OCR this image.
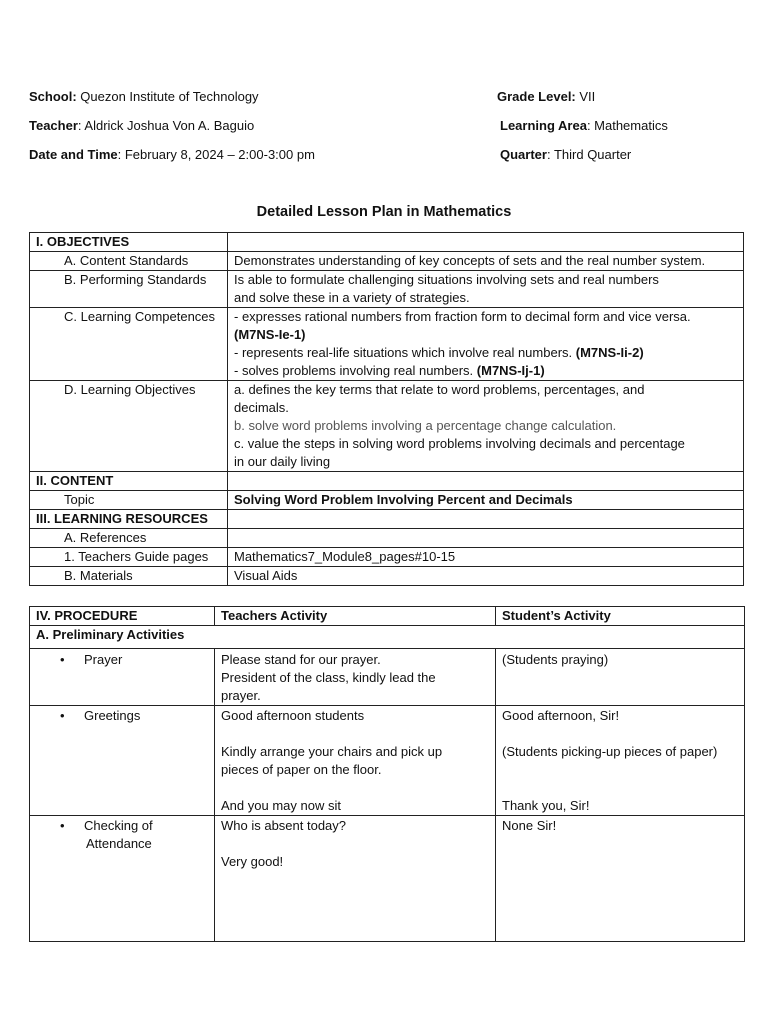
School: Quezon Institute of Technology	Grade Level: VII
Teacher: Aldrick Joshua Von A. Baguio	Learning Area: Mathematics
Date and Time: February 8, 2024 – 2:00-3:00 pm	Quarter: Third Quarter
Detailed Lesson Plan in Mathematics
I. OBJECTIVES	
A. Content Standards	Demonstrates understanding of key concepts of sets and the real number system.
B. Performing Standards	Is able to formulate challenging situations involving sets and real numbers
and solve these in a variety of strategies.

C. Learning Competences	- expresses rational numbers from fraction form to decimal form and vice versa.
(M7NS-Ie-1)
- represents real-life situations which involve real numbers. (M7NS-Ii-2)
- solves problems involving real numbers. (M7NS-Ij-1)

D. Learning Objectives	a. defines the key terms that relate to word problems, percentages, and
decimals.
b. solve word problems involving a percentage change calculation.
c. value the steps in solving word problems involving decimals and percentage
in our daily living

II. CONTENT	
Topic	Solving Word Problem Involving Percent and Decimals
III. LEARNING RESOURCES	
A. References	
1. Teachers Guide pages	Mathematics7_Module8_pages#10-15
B. Materials	Visual Aids
IV. PROCEDURE	Teachers Activity	Student’s Activity
A. Preliminary Activities		
• Prayer	Please stand for our prayer.
President of the class, kindly lead the
prayer.	(Students praying)

• Greetings	Good afternoon students
Kindly arrange your chairs and pick up
pieces of paper on the floor.
And you may now sit	Good afternoon, Sir!
(Students picking-up pieces of paper)
Thank you, Sir!

• Checking of
Attendance	Who is absent today?
Very good!	None Sir!
